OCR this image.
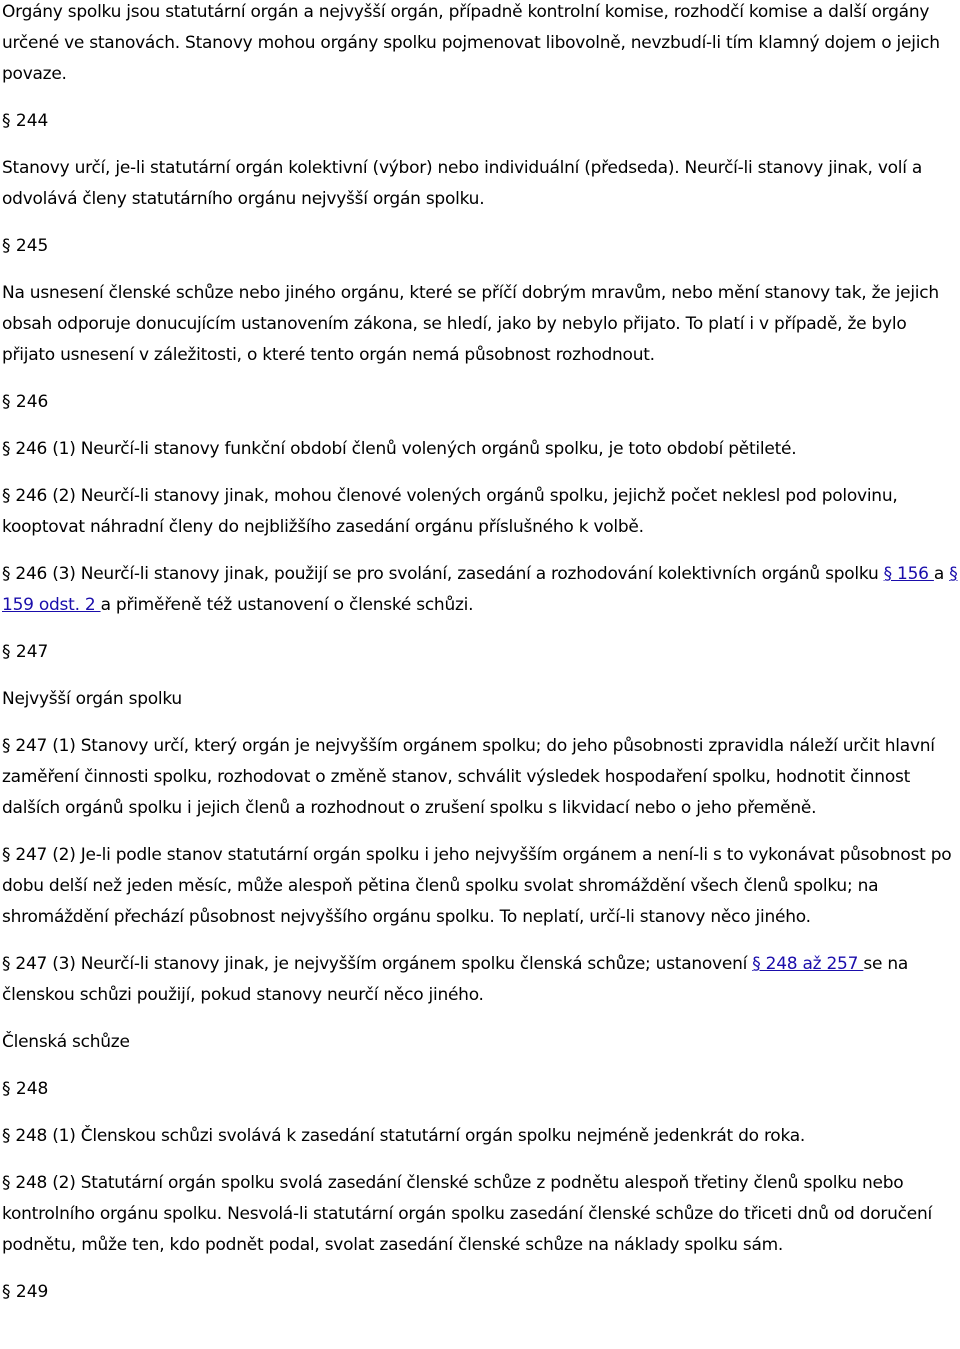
Orgány spolku jsou statutární orgán a nejvyšší orgán, případně kontrolní komise, rozhodčí komise a další orgány určené ve stanovách. Stanovy mohou orgány spolku pojmenovat libovolně, nevzbudí-li tím klamný dojem o jejich povaze.

§ 244

Stanovy určí, je-li statutární orgán kolektivní (výbor) nebo individuální (předseda). Neurčí-li stanovy jinak, volí a odvolává členy statutárního orgánu nejvyšší orgán spolku.

§ 245

Na usnesení členské schůze nebo jiného orgánu, které se příčí dobrým mravům, nebo mění stanovy tak, že jejich obsah odporuje donucujícím ustanovením zákona, se hledí, jako by nebylo přijato. To platí i v případě, že bylo přijato usnesení v záležitosti, o které tento orgán nemá působnost rozhodnout.

§ 246

§ 246 (1) Neurčí-li stanovy funkční období členů volených orgánů spolku, je toto období pětileté.

§ 246 (2) Neurčí-li stanovy jinak, mohou členové volených orgánů spolku, jejichž počet neklesl pod polovinu, kooptovat náhradní členy do nejbližšího zasedání orgánu příslušného k volbě.

§ 246 (3) Neurčí-li stanovy jinak, použijí se pro svolání, zasedání a rozhodování kolektivních orgánů spolku § 156 a § 159 odst. 2 a přiměřeně též ustanovení o členské schůzi.

§ 247

Nejvyšší orgán spolku

§ 247 (1) Stanovy určí, který orgán je nejvyšším orgánem spolku; do jeho působnosti zpravidla náleží určit hlavní zaměření činnosti spolku, rozhodovat o změně stanov, schválit výsledek hospodaření spolku, hodnotit činnost dalších orgánů spolku i jejich členů a rozhodnout o zrušení spolku s likvidací nebo o jeho přeměně.

§ 247 (2) Je-li podle stanov statutární orgán spolku i jeho nejvyšším orgánem a není-li s to vykonávat působnost po dobu delší než jeden měsíc, může alespoň pětina členů spolku svolat shromáždění všech členů spolku; na shromáždění přechází působnost nejvyššího orgánu spolku. To neplatí, určí-li stanovy něco jiného.

§ 247 (3) Neurčí-li stanovy jinak, je nejvyšším orgánem spolku členská schůze; ustanovení § 248 až 257 se na členskou schůzi použijí, pokud stanovy neurčí něco jiného.

Členská schůze

§ 248

§ 248 (1) Členskou schůzi svolává k zasedání statutární orgán spolku nejméně jedenkrát do roka.

§ 248 (2) Statutární orgán spolku svolá zasedání členské schůze z podnětu alespoň třetiny členů spolku nebo kontrolního orgánu spolku. Nesvolá-li statutární orgán spolku zasedání členské schůze do třiceti dnů od doručení podnětu, může ten, kdo podnět podal, svolat zasedání členské schůze na náklady spolku sám.

§ 249
